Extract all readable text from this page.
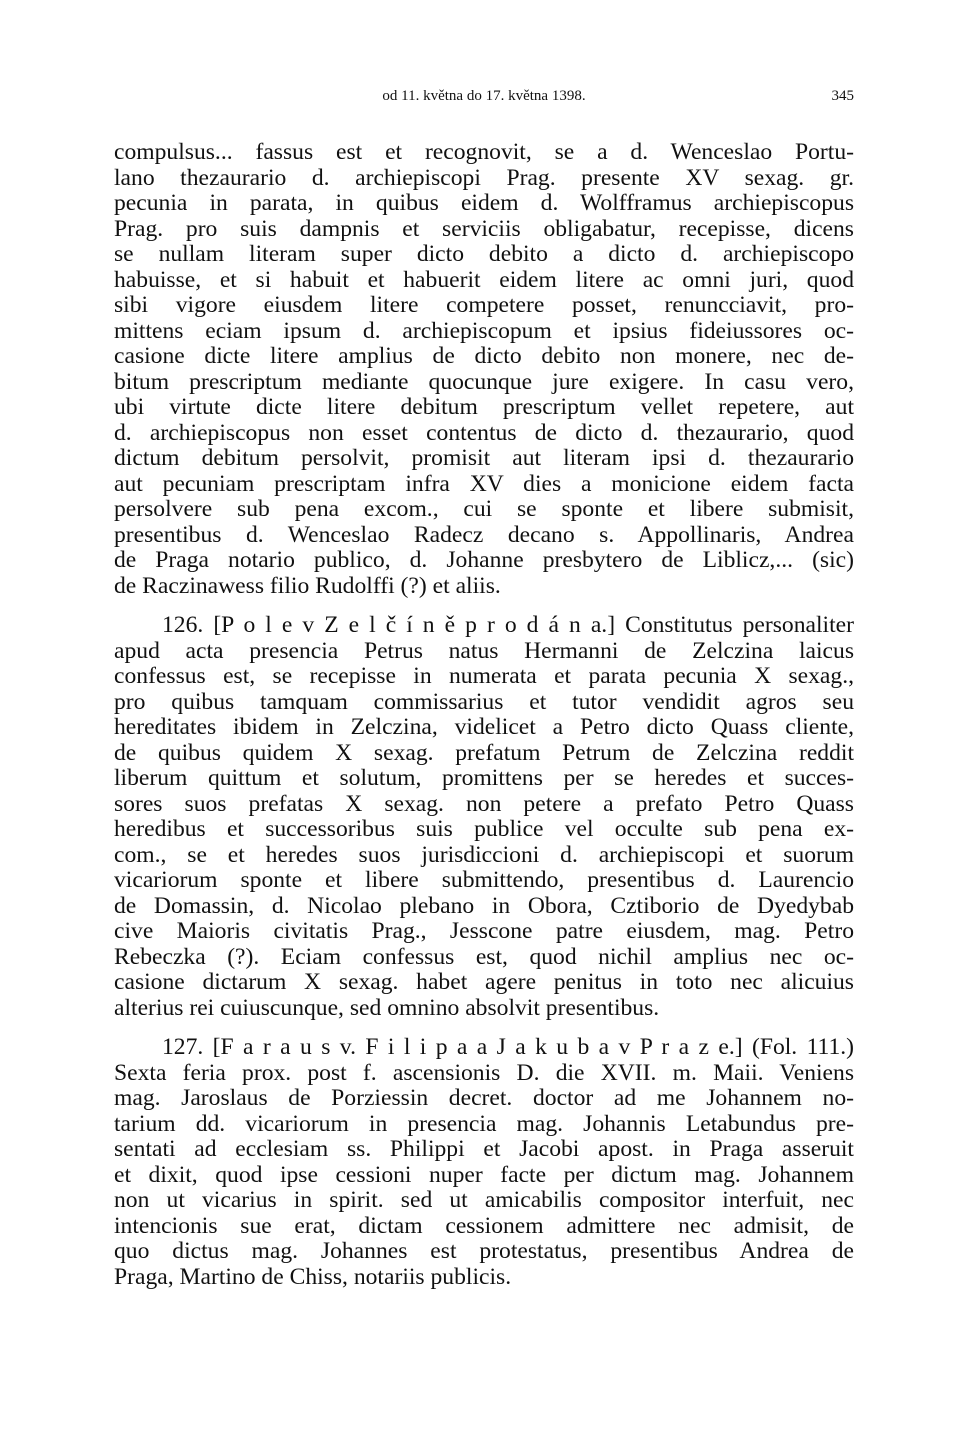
od 11. května do 17. května 1398.	345
compulsus... fassus est et recognovit, se a d. Wenceslao Portu-
lano thezaurario d. archiepiscopi Prag. presente XV sexag. gr.
pecunia in parata, in quibus eidem d. Wolfframus archiepiscopus
Prag. pro suis dampnis et serviciis obligabatur, recepisse, dicens
se nullam literam super dicto debito a dicto d. archiepiscopo
habuisse, et si habuit et habuerit eidem litere ac omni juri, quod
sibi vigore eiusdem litere competere posset, renuncciavit, pro-
mittens eciam ipsum d. archiepiscopum et ipsius fideiussores oc-
casione dicte litere amplius de dicto debito non monere, nec de-
bitum prescriptum mediante quocunque jure exigere. In casu vero,
ubi virtute dicte litere debitum prescriptum vellet repetere, aut
d. archiepiscopus non esset contentus de dicto d. thezaurario, quod
dictum debitum persolvit, promisit aut literam ipsi d. thezaurario
aut pecuniam prescriptam infra XV dies a monicione eidem facta
persolvere sub pena excom., cui se sponte et libere submisit,
presentibus d. Wenceslao Radecz decano s. Appollinaris, Andrea
de Praga notario publico, d. Johanne presbytero de Liblicz,... (sic)
de Raczinawess filio Rudolffi (?) et aliis.
126. [P o l e v Z e l č í n ě p r o d á n a.] Constitutus personaliter
apud acta presencia Petrus natus Hermanni de Zelczina laicus
confessus est, se recepisse in numerata et parata pecunia X sexag.,
pro quibus tamquam commissarius et tutor vendidit agros seu
hereditates ibidem in Zelczina, videlicet a Petro dicto Quass cliente,
de quibus quidem X sexag. prefatum Petrum de Zelczina reddit
liberum quittum et solutum, promittens per se heredes et succes-
sores suos prefatas X sexag. non petere a prefato Petro Quass
heredibus et successoribus suis publice vel occulte sub pena ex-
com., se et heredes suos jurisdiccioni d. archiepiscopi et suorum
vicariorum sponte et libere submittendo, presentibus d. Laurencio
de Domassin, d. Nicolao plebano in Obora, Cztiborio de Dyedybab
cive Maioris civitatis Prag., Jesscone patre eiusdem, mag. Petro
Rebeczka (?). Eciam confessus est, quod nichil amplius nec oc-
casione dictarum X sexag. habet agere penitus in toto nec alicuius
alterius rei cuiuscunque, sed omnino absolvit presentibus.
127. [F a r a u s v. F i l i p a a J a k u b a v P r a z e.] (Fol. 111.)
Sexta feria prox. post f. ascensionis D. die XVII. m. Maii. Veniens
mag. Jaroslaus de Porziessin decret. doctor ad me Johannem no-
tarium dd. vicariorum in presencia mag. Johannis Letabundus pre-
sentati ad ecclesiam ss. Philippi et Jacobi apost. in Praga asseruit
et dixit, quod ipse cessioni nuper facte per dictum mag. Johannem
non ut vicarius in spirit. sed ut amicabilis compositor interfuit, nec
intencionis sue erat, dictam cessionem admittere nec admisit, de
quo dictus mag. Johannes est protestatus, presentibus Andrea de
Praga, Martino de Chiss, notariis publicis.
